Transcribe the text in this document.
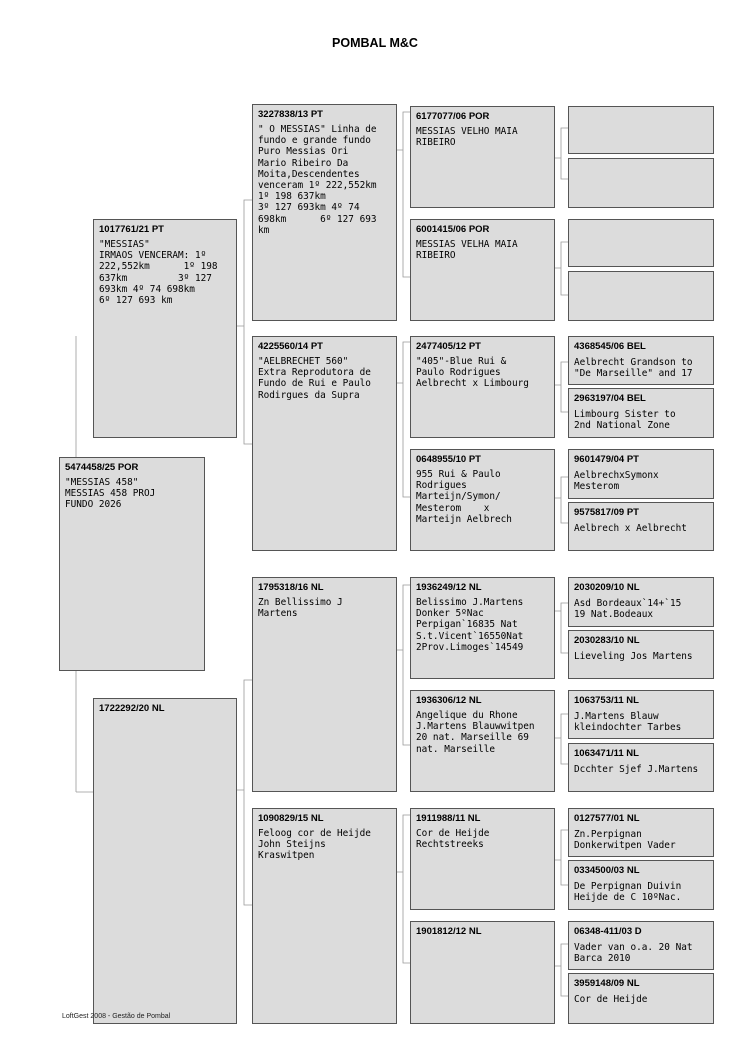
POMBAL M&C
5474458/25 POR
"MESSIAS 458"
MESSIAS 458 PROJ
FUNDO 2026
1017761/21 PT
"MESSIAS"
IRMAOS VENCERAM: 1º
222,552km      1º 198
637km         3º 127
693km 4º 74 698km
6º 127 693 km
1722292/20 NL
3227838/13 PT
" O MESSIAS" Linha de
fundo e grande fundo
Puro Messias Ori
Mario Ribeiro Da
Moita,Descendentes
venceram 1º 222,552km
1º 198 637km
3º 127 693km 4º 74
698km      6º 127 693
km
4225560/14 PT
"AELBRECHET 560"
Extra Reprodutora de
Fundo de Rui e Paulo
Rodirgues da Supra
1795318/16 NL
Zn Bellissimo J
Martens
1090829/15 NL
Feloog cor de Heijde
John Steijns
Kraswitpen
6177077/06 POR
MESSIAS VELHO MAIA
RIBEIRO
6001415/06 POR
MESSIAS VELHA MAIA
RIBEIRO
2477405/12 PT
"405"-Blue Rui &
Paulo Rodrigues
Aelbrecht x Limbourg
0648955/10 PT
955 Rui & Paulo
Rodrigues
Marteijn/Symon/
Mesterom    x
Marteijn Aelbrech
1936249/12 NL
Belissimo J.Martens
Donker 5ºNac
Perpigan`16835 Nat
S.t.Vicent`16550Nat
2Prov.Limoges`14549
1936306/12 NL
Angelique du Rhone
J.Martens Blauwwitpen
20 nat. Marseille 69
nat. Marseille
1911988/11 NL
Cor de Heijde
Rechtstreeks
1901812/12 NL
4368545/06 BEL
Aelbrecht Grandson to
"De Marseille" and 17
2963197/04 BEL
Limbourg Sister to
2nd National Zone
9601479/04 PT
AelbrechxSymonx
Mesterom
9575817/09 PT
Aelbrech x Aelbrecht
2030209/10 NL
Asd Bordeaux`14+`15
19 Nat.Bodeaux
2030283/10 NL
Lieveling Jos Martens
1063753/11 NL
J.Martens Blauw
kleindochter Tarbes
1063471/11 NL
Dcchter Sjef J.Martens
0127577/01 NL
Zn.Perpignan
Donkerwitpen Vader
0334500/03 NL
De Perpignan Duivin
Heijde de C 10ºNac.
06348-411/03 D
Vader van o.a. 20 Nat
Barca 2010
3959148/09 NL
Cor de Heijde
LoftGest 2008 - Gestão de Pombal
